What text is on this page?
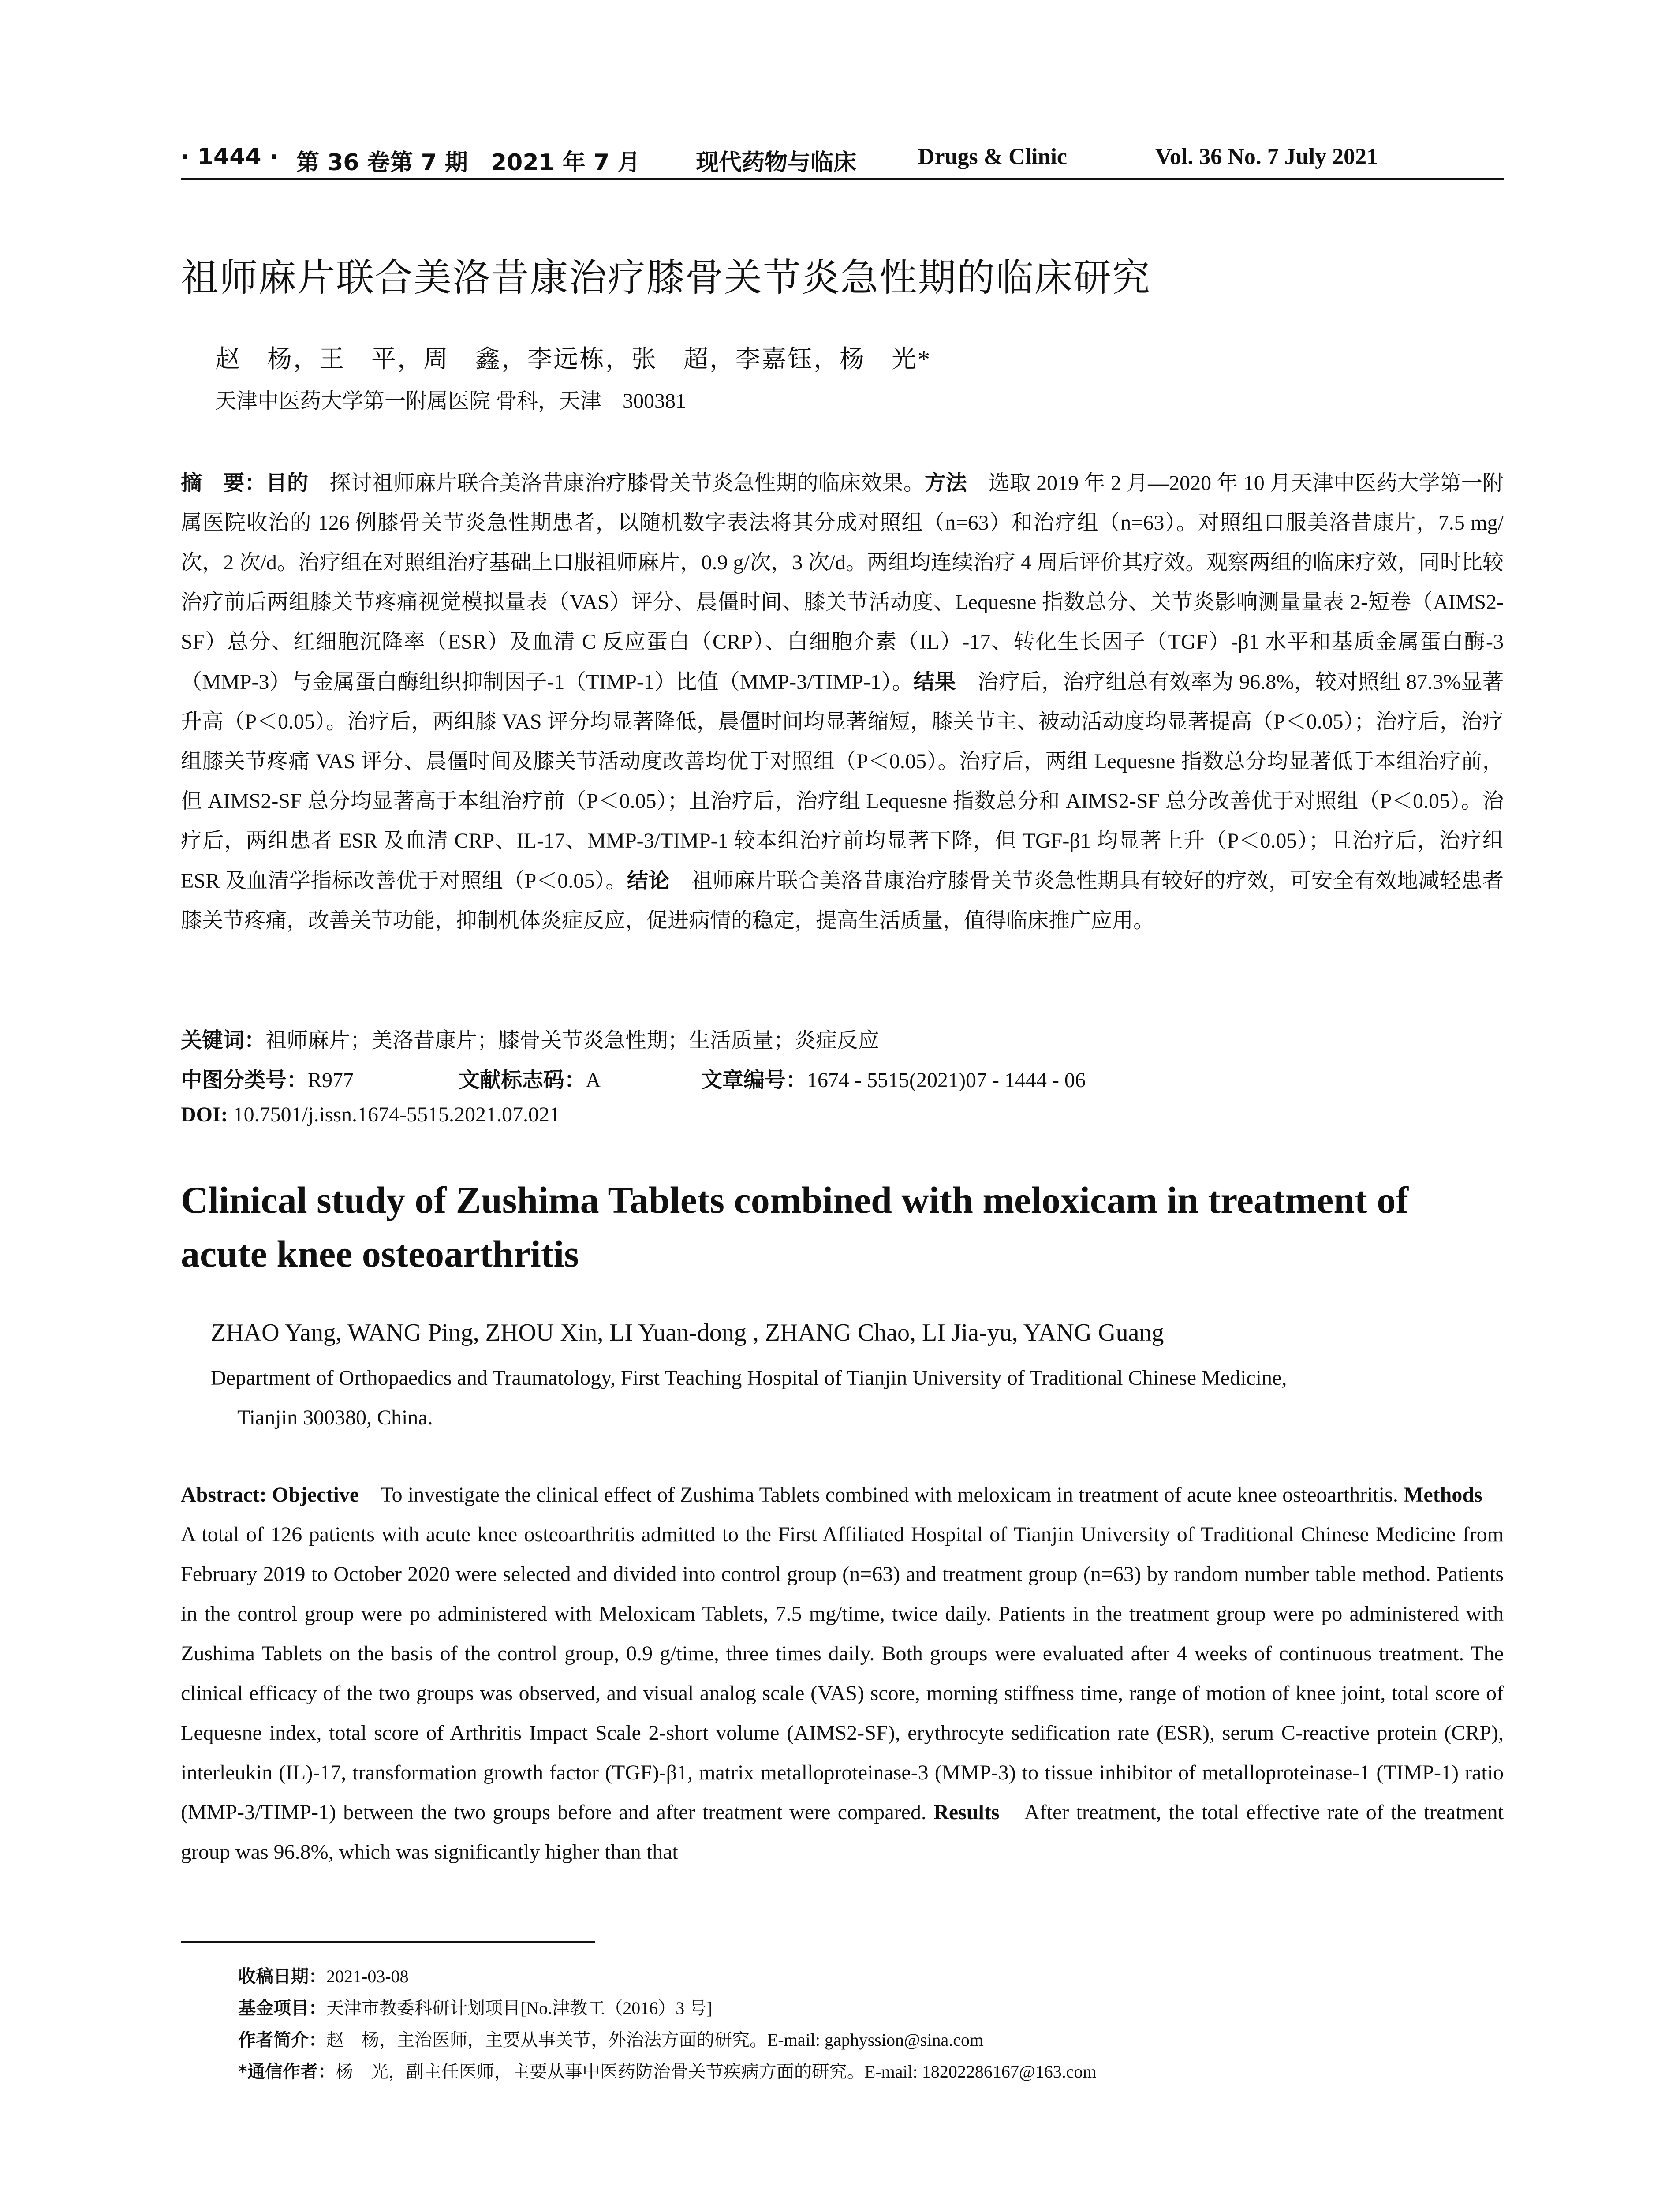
· 1444 · 第 36 卷第 7 期　2021 年 7 月 现代药物与临床	Drugs & Clinic	Vol. 36 No. 7 July 2021
祖师麻片联合美洛昔康治疗膝骨关节炎急性期的临床研究
赵　杨，王　平，周　鑫，李远栋，张　超，李嘉钰，杨　光*
天津中医药大学第一附属医院 骨科，天津　300381
摘　要：目的　探讨祖师麻片联合美洛昔康治疗膝骨关节炎急性期的临床效果。方法　选取 2019 年 2 月—2020 年 10 月天津中医药大学第一附属医院收治的 126 例膝骨关节炎急性期患者，以随机数字表法将其分成对照组（n=63）和治疗组（n=63）。对照组口服美洛昔康片，7.5 mg/次，2 次/d。治疗组在对照组治疗基础上口服祖师麻片，0.9 g/次，3 次/d。两组均连续治疗 4 周后评价其疗效。观察两组的临床疗效，同时比较治疗前后两组膝关节疼痛视觉模拟量表（VAS）评分、晨僵时间、膝关节活动度、Lequesne 指数总分、关节炎影响测量量表 2-短卷（AIMS2-SF）总分、红细胞沉降率（ESR）及血清 C 反应蛋白（CRP）、白细胞介素（IL）-17、转化生长因子（TGF）-β1 水平和基质金属蛋白酶-3（MMP-3）与金属蛋白酶组织抑制因子-1（TIMP-1）比值（MMP-3/TIMP-1）。结果　治疗后，治疗组总有效率为 96.8%，较对照组 87.3%显著升高（P＜0.05）。治疗后，两组膝 VAS 评分均显著降低，晨僵时间均显著缩短，膝关节主、被动活动度均显著提高（P＜0.05）；治疗后，治疗组膝关节疼痛 VAS 评分、晨僵时间及膝关节活动度改善均优于对照组（P＜0.05）。治疗后，两组 Lequesne 指数总分均显著低于本组治疗前，但 AIMS2-SF 总分均显著高于本组治疗前（P＜0.05）；且治疗后，治疗组 Lequesne 指数总分和 AIMS2-SF 总分改善优于对照组（P＜0.05）。治疗后，两组患者 ESR 及血清 CRP、IL-17、MMP-3/TIMP-1 较本组治疗前均显著下降，但 TGF-β1 均显著上升（P＜0.05）；且治疗后，治疗组 ESR 及血清学指标改善优于对照组（P＜0.05）。结论　祖师麻片联合美洛昔康治疗膝骨关节炎急性期具有较好的疗效，可安全有效地减轻患者膝关节疼痛，改善关节功能，抑制机体炎症反应，促进病情的稳定，提高生活质量，值得临床推广应用。
关键词：祖师麻片；美洛昔康片；膝骨关节炎急性期；生活质量；炎症反应
中图分类号：R977	文献标志码：A	文章编号：1674 - 5515(2021)07 - 1444 - 06
DOI: 10.7501/j.issn.1674-5515.2021.07.021
Clinical study of Zushima Tablets combined with meloxicam in treatment of acute knee osteoarthritis
ZHAO Yang, WANG Ping, ZHOU Xin, LI Yuan-dong , ZHANG Chao, LI Jia-yu, YANG Guang
Department of Orthopaedics and Traumatology, First Teaching Hospital of Tianjin University of Traditional Chinese Medicine,
Tianjin 300380, China.
Abstract: Objective　To investigate the clinical effect of Zushima Tablets combined with meloxicam in treatment of acute knee osteoarthritis. Methods　A total of 126 patients with acute knee osteoarthritis admitted to the First Affiliated Hospital of Tianjin University of Traditional Chinese Medicine from February 2019 to October 2020 were selected and divided into control group (n=63) and treatment group (n=63) by random number table method. Patients in the control group were po administered with Meloxicam Tablets, 7.5 mg/time, twice daily. Patients in the treatment group were po administered with Zushima Tablets on the basis of the control group, 0.9 g/time, three times daily. Both groups were evaluated after 4 weeks of continuous treatment. The clinical efficacy of the two groups was observed, and visual analog scale (VAS) score, morning stiffness time, range of motion of knee joint, total score of Lequesne index, total score of Arthritis Impact Scale 2-short volume (AIMS2-SF), erythrocyte sedification rate (ESR), serum C-reactive protein (CRP), interleukin (IL)-17, transformation growth factor (TGF)-β1, matrix metalloproteinase-3 (MMP-3) to tissue inhibitor of metalloproteinase-1 (TIMP-1) ratio (MMP-3/TIMP-1) between the two groups before and after treatment were compared. Results　After treatment, the total effective rate of the treatment group was 96.8%, which was significantly higher than that
收稿日期：2021-03-08
基金项目：天津市教委科研计划项目[No.津教工（2016）3 号]
作者简介：赵　杨，主治医师，主要从事关节，外治法方面的研究。E-mail: gaphyssion@sina.com
*通信作者：杨　光，副主任医师，主要从事中医药防治骨关节疾病方面的研究。E-mail: 18202286167@163.com
